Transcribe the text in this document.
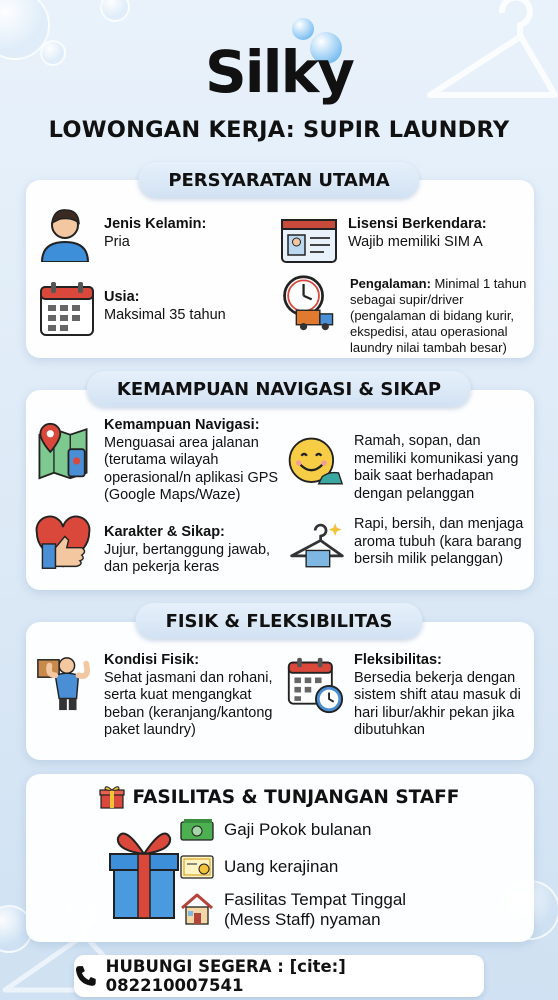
Silky
LOWONGAN KERJA: SUPIR LAUNDRY
PERSYARATAN UTAMA
Jenis Kelamin:
Pria
Lisensi Berkendara:
Wajib memiliki SIM A
Usia:
Maksimal 35 tahun
Pengalaman: Minimal 1 tahun sebagai supir/driver (pengalaman di bidang kurir, ekspedisi, atau operasional laundry nilai tambah besar)
KEMAMPUAN NAVIGASI & SIKAP
Kemampuan Navigasi:
Menguasai area jalanan (terutama wilayah operasional/n aplikasi GPS (Google Maps/Waze)
Ramah, sopan, dan memiliki komunikasi yang baik saat berhadapan dengan pelanggan
Karakter & Sikap:
Jujur, bertanggung jawab, dan pekerja keras
Rapi, bersih, dan menjaga aroma tubuh (kara barang bersih milik pelanggan)
FISIK & FLEKSIBILITAS
Kondisi Fisik:
Sehat jasmani dan rohani, serta kuat mengangkat beban (keranjang/kantong paket laundry)
Fleksibilitas:
Bersedia bekerja dengan sistem shift atau masuk di hari libur/akhir pekan jika dibutuhkan
FASILITAS & TUNJANGAN STAFF
Gaji Pokok bulanan
Uang kerajinan
Fasilitas Tempat Tinggal (Mess Staff) nyaman
HUBUNGI SEGERA : [cite:] 082210007541
